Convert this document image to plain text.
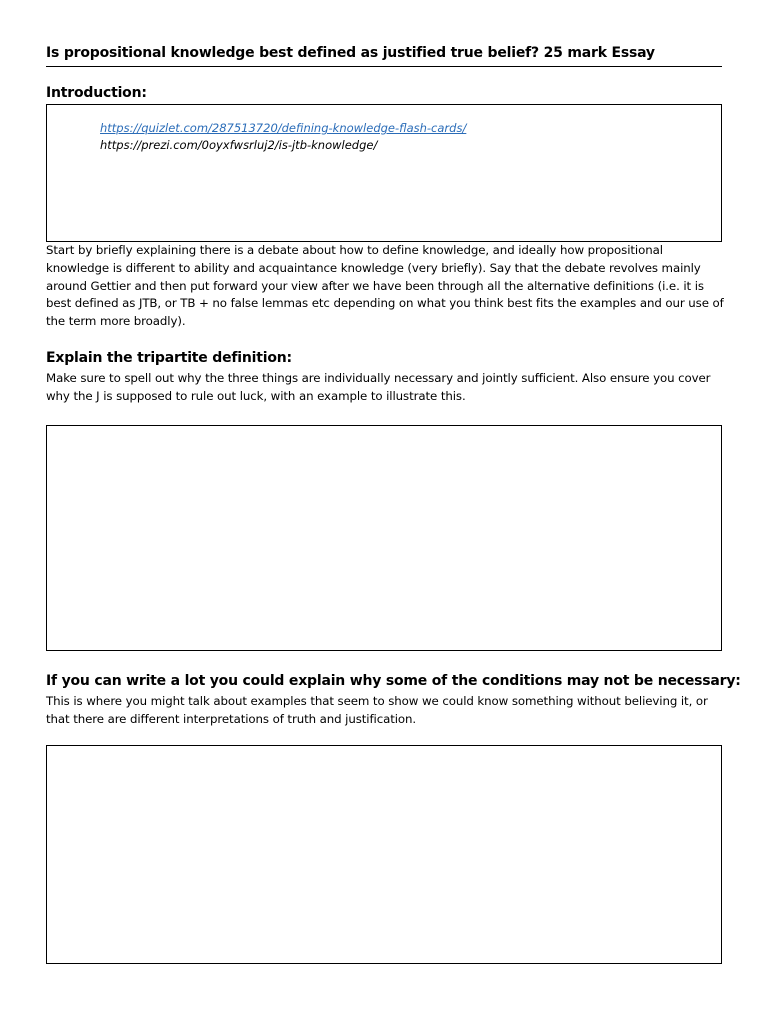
Is propositional knowledge best defined as justified true belief? 25 mark Essay
Introduction:
https://quizlet.com/287513720/defining-knowledge-flash-cards/
https://prezi.com/0oyxfwsrluj2/is-jtb-knowledge/
Start by briefly explaining there is a debate about how to define knowledge, and ideally how propositional knowledge is different to ability and acquaintance knowledge (very briefly). Say that the debate revolves mainly around Gettier and then put forward your view after we have been through all the alternative definitions (i.e. it is best defined as JTB, or TB + no false lemmas etc depending on what you think best fits the examples and our use of the term more broadly).
Explain the tripartite definition:
Make sure to spell out why the three things are individually necessary and jointly sufficient. Also ensure you cover why the J is supposed to rule out luck, with an example to illustrate this.
If you can write a lot you could explain why some of the conditions may not be necessary:
This is where you might talk about examples that seem to show we could know something without believing it, or that there are different interpretations of truth and justification.
